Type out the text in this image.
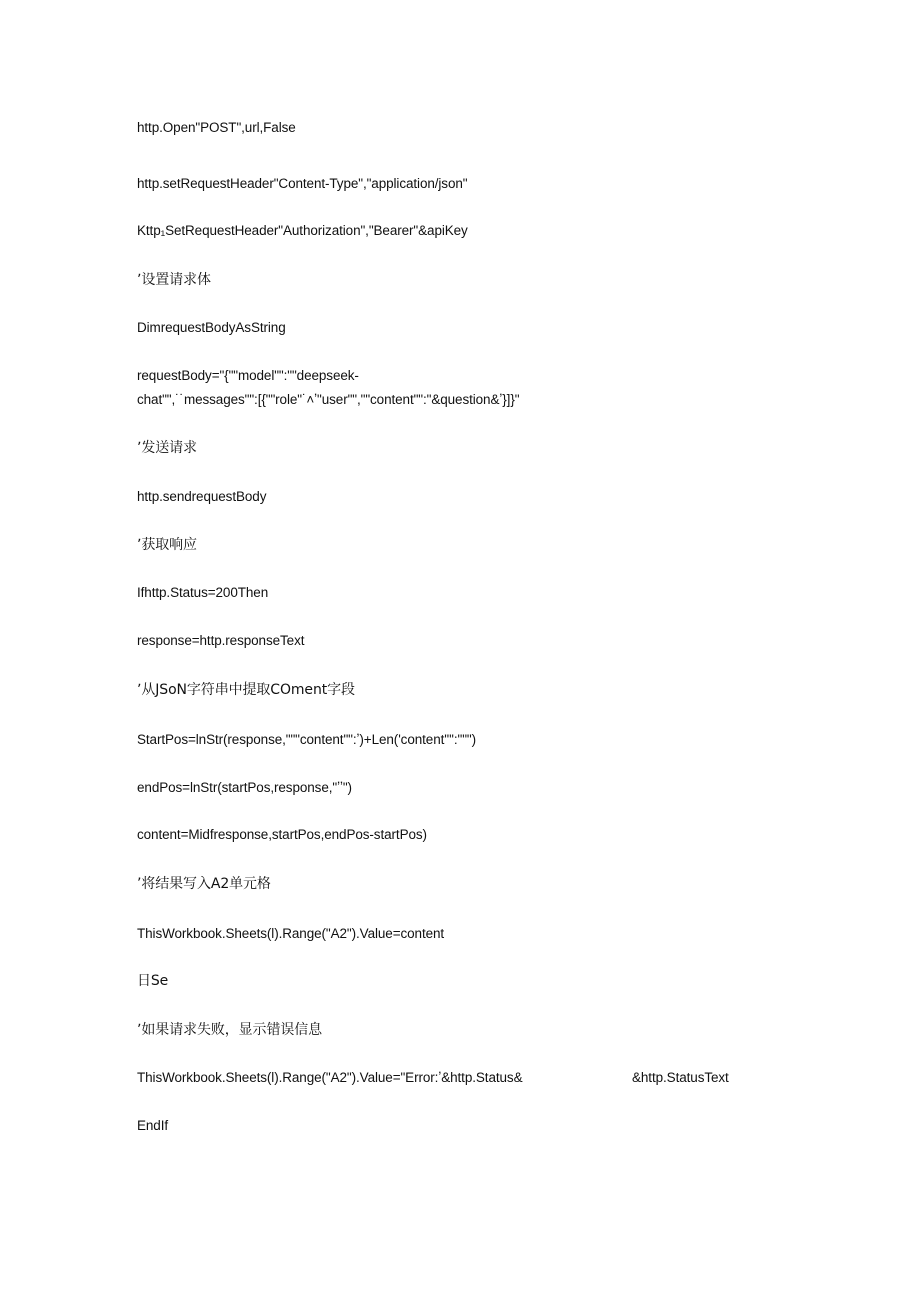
http.Open"POST",url,False
http.setRequestHeader"Content-Type","application/json"
Kttp₁SetRequestHeader"Authorization","Bearer"&apiKey
ʼ设置请求体
DimrequestBodyAsString
requestBody="{""model"":""deepseek-
chat"",˙˙messages"":[{""role"˙˄ʼ"user"",""content"":"&question&ʼ}]}"
ʼ发送请求
http.sendrequestBody
ʼ获取响应
Ifhttp.Status=200Then
response=http.responseText
ʼ从JSoN字符串中提取COment字段
StartPos=lnStr(response,"""content"":ʼ)+Len('content'"':""")
endPos=lnStr(startPos,response,"ʼʼ")
content=Midfresponse,startPos,endPos-startPos)
’将结果写入A2单元格
ThisWorkbook.Sheets(l).Range("A2").Value=content
日Se
ʼ如果请求失败，显示错误信息
ThisWorkbook.Sheets(l).Range("A2").Value="Error:ʼ&http.Status&	&http.StatusText
EndIf
